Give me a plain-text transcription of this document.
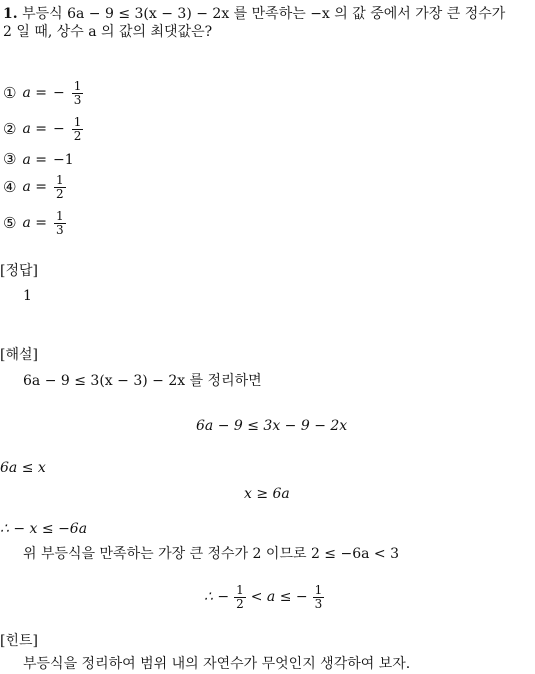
1. 부등식 6a − 9 ≤ 3(x − 3) − 2x 를 만족하는 −x 의 값 중에서 가장 큰 정수가
2 일 때, 상수 a 의 값의 최댓값은?
① a = − $\frac{1}{3}$
② a = − $\frac{1}{2}$
③ a = −1
④ $a = \frac{1}{2}$
⑤ $a = \frac{1}{3}$
[정답]
1
[해설]
6a − 9 ≤ 3(x − 3) − 2x 를 정리하면
6a − 9 ≤ 3x − 9 − 2x
6a ≤ x
x ≥ 6a
∴ − x ≤ −6a
위 부등식을 만족하는 가장 큰 정수가 2 이므로 2 ≤ −6a < 3
∴ − $\frac{1}{2} < a$ ≤ − $\frac{1}{3}$
[힌트]
부등식을 정리하여 범위 내의 자연수가 무엇인지 생각하여 보자.
